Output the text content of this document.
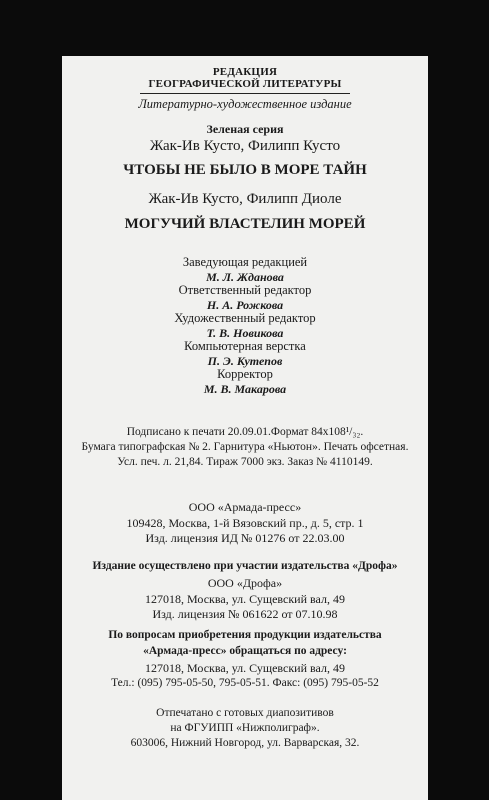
РЕДАКЦИЯ
ГЕОГРАФИЧЕСКОЙ ЛИТЕРАТУРЫ
Литературно-художественное издание
Зеленая серия
Жак-Ив Кусто, Филипп Кусто
ЧТОБЫ НЕ БЫЛО В МОРЕ ТАЙН
Жак-Ив Кусто, Филипп Диоле
МОГУЧИЙ ВЛАСТЕЛИН МОРЕЙ
Заведующая редакцией
М. Л. Жданова
Ответственный редактор
Н. А. Рожкова
Художественный редактор
Т. В. Новикова
Компьютерная верстка
П. Э. Кутепов
Корректор
М. В. Макарова
Подписано к печати 20.09.01.Формат 84х108¹/₃₂.
Бумага типографская № 2. Гарнитура «Ньютон». Печать офсетная.
Усл. печ. л. 21,84. Тираж 7000 экз. Заказ № 4110149.
ООО «Армада-пресс»
109428, Москва, 1-й Вязовский пр., д. 5, стр. 1
Изд. лицензия ИД № 01276 от 22.03.00
Издание осуществлено при участии издательства «Дрофа»
ООО «Дрофа»
127018, Москва, ул. Сущевский вал, 49
Изд. лицензия № 061622 от 07.10.98
По вопросам приобретения продукции издательства
«Армада-пресс» обращаться по адресу:
127018, Москва, ул. Сущевский вал, 49
Тел.: (095) 795-05-50, 795-05-51. Факс: (095) 795-05-52
Отпечатано с готовых диапозитивов
на ФГУИПП «Нижполиграф».
603006, Нижний Новгород, ул. Варварская, 32.
